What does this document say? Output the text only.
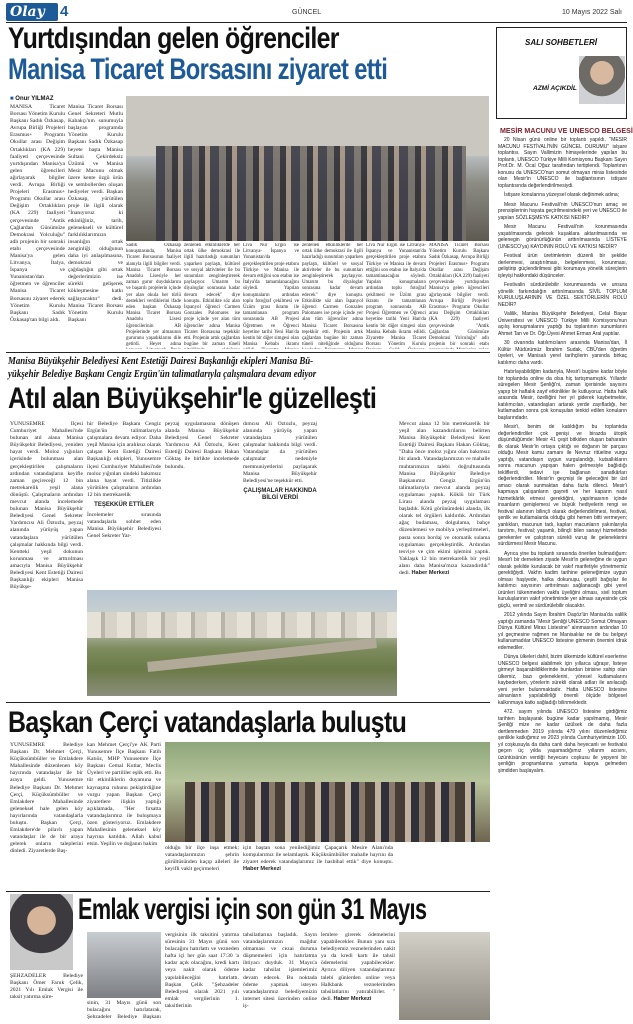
Olay 4	GÜNCEL	10 Mayıs 2022 Salı
Yurtdışından gelen öğrenciler
Manisa Ticaret Borsasını ziyaret etti
■ Onur YILMAZ
MANİSA Ticaret Borsası Yönetim Kurulu Başkanı Sadık Özkasap, Avrupa Birliği Projeleri Erasmus+ Programı Okullar arası Değişim Ortaklıkları (KA 229) faaliyeti çerçevesinde yurtdışından Manisa'ya gelen öğrencileri ağırlayarak bilgiler verdi. Avrupa Birliği Projeleri Erasmus+ Programı Okullar arası Değişim Ortaklıkları (KA 229) faaliyeti çerçevesinde "Antik Çağlardan Günümüze Demokrasi Yolculuğu" adlı projenin bir sonraki etabı çerçevesinde Manisa'ya gelen Litvanya, İtalya, İspanya ve Yunanistan'dan öğretmen ve öğrenciler Manisa Ticaret Borsasını ziyaret ederek Yönetim Kurulu Başkanı Sadık Özkasap'tan bilgi aldı.
Manisa Ticaret Borsası Genel Sekreteri Mutlu Kabakçı'nın sunumuyla başlayan programda Yönetim Kurulu Başkanı Sadık Özkasap heyete başta Manisa Sultani Çekirdeksiz Üzümü ve Manisa Mesir Macunu olmak üzere kente özgü ürün ve sembollerden oluşan hediyeler verdi. Başkan Özkasap, yürütülen proje ile ilgili olarak "İnanıyoruz ki etkinliğiniz, tarih, gelenekseli ve kültürel farklılıklarımızın insanlığın ortak zenginliği olduğunun daha iyi anlaşılmasına, demokrasi ve çağdaşlığın gibi ortak değerlerimizin ise sürekli gelişerek kökleşmesine katkı sağlayacaktır" dedi. Manisa Ticaret Borsası Yönetim Kurulu Başkanı
Sadık Özkasap konuşmasında, Manisa Ticaret Borsasının faaliyet alanıyla ilgili bilgiler verdi. Manisa Ticaret Borsası Anadolu Lisesiyle her zaman gurur duyduklarını ve başarılı projelerin içinde yer alan okula her türlü destekleri verdiklerini ifade eden başkan Özkasap Manisa Ticaret Borsası Anadolu Lisesi öğrencilerinin AB Projelerinde yer almasının gururunu yaşadıklarını dile getirdi. Heyet adına
zenlenen etkinliklerde her ortak ülke demokrasi ile ilgili hazırladığı sunumları yaparken paylaştı, kültürel ve sosyal aktiviteler ile bu sunumları zenginleştirerek paylaşıyor. Umarım bu diyaloglar sonrasına kadar devam edecek" diye konuştu. Etkinlikte söz alan İspanyol öğrenci Carmen Gonzales Palomares ise proje içinde yer alan tüm öğrenciler adına Manisa Ticaret Borsasına teşekkür etti. Projenin artık çağlardan bugüne bir zaman tüneli
Liva Nur Ergin ise Litvanya- İspanya ve Yunanistan'da gerçekleştirilen proje etabını Türkiye ve Manisa ile devam ettiğini son etabın ise İtalya'da tamamlanacağını söyledi. Yapılan konuşmaların ardından toplu fotoğraf çekilmesi ve Üzüm grası ikramı ile tamamlanan program sonrasında AB Projesi Öğretmen ve Öğrenci heyetine tarihi Yeni Han'da kentin bir diğer simgesi olan Manisa Kebabı ikramı
zenlenen etkinliklerde her ortak ülke demokrasi ile ilgili hazırladığı sunumları yaparken paylaştı, kültürel ve sosyal aktiviteler ile bu sunumları zenginleştirerek paylaşıyor. Umarım bu diyaloglar sonrasına kadar devam edecek" diye konuştu. Etkinlikte söz alan İspanyol öğrenci Carmen Gonzales Palomares ise proje içinde yer alan tüm öğrenciler adına Manisa Ticaret Borsasına teşekkür etti. Projenin artık çağlardan bugüne bir zaman tüneli niteliğinde olduğunu
Liva Nur Ergin ise Litvanya- İspanya ve Yunanistan'da gerçekleştirilen proje etabını Türkiye ve Manisa ile devam ettiğini son etabın ise İtalya'da tamamlanacağını söyledi. Yapılan konuşmaların ardından toplu fotoğraf çekilmesi ve Üzüm grası ikramı ile tamamlanan program sonrasında AB Projesi Öğretmen ve Öğrenci heyetine tarihi Yeni Han'da kentin bir diğer simgesi olan Manisa Kebabı ikramı edildi. Ziyarette Manisa Ticaret Borsası Yönetim Kurulu
MANİSA Ticaret Borsası Yönetim Kurulu Başkanı Sadık Özkasap, Avrupa Birliği Projeleri Erasmus+ Programı Okullar arası Değişim Ortaklıkları (KA 229) faaliyeti çerçevesinde yurtdışından Manisa'ya gelen öğrencileri ağırlayarak bilgiler verdi. Avrupa Birliği Projeleri Erasmus+ Programı Okullar arası Değişim Ortaklıkları (KA 229) faaliyeti çerçevesinde "Antik Çağlardan Günümüze Demokrasi Yolculuğu" adlı projenin bir sonraki etabı
SALI SOHBETLERİ
AZMİ AÇIKDİL
MESİR MACUNU VE UNESCO BELGESİ

20 Nisan günü online bir toplantı yapıldı. "MESİR MACUNU FESTİVALİ'NİN GÜNCEL DURUMU" islşare toplantısı. Sayın Vallimizin himayelerinde yapılan bu toplantı, UNESCO Türkiye Milli Komisyonu Başkanı Sayın Prof.Dr. M. Öcal Oğuz tarafından tertiplendi. Toplantının konusu da UNESCO'nun somut olmayan miras listesinde olan Mesir'in UNESCO ile bağlantısının istişare toplantısında değerlendirilmesiydi.

İstişare konularına yüzeysel olarak değinmek adına;

Mesir Macunu Festivali'nin UNESCO'nun amaç ve prensiplerinin hayata geçirilmesindeki yeri ve UNESCO ile yapılan SÖZLEŞMEYE KATKISI NEDİR?

Mesir Macunu Festivali'nin korunmasında yaşatılmasında gelecek kuşaklara aktarılmasında ve gelenegin görünürlüğünün arttırılmasında LİSTEYE (UNESCO'ya) KAYDININ ROLÜ VE KATKISI NEDİR?

Festival ürün üretimlerinin düzenli bir şekilde derlenmesi, araştırılması, belgelenmesi, korunması, geliştirip güçlendirilmesi gibi korumaya yönelik süreçlerin işleyişi hakkındaki düşünceler.

Festivalin sürdürülebilir korunmasında ve unsura yönelik farkındalığın arttırılmasında SİVİL TOPLUM KURULUŞLARININ VE ÖZEL SEKTÖRLERİN ROLÜ NEDİR?

Valilik, Manisa Büyükşehir Belediyesi, Celal Bayar Üniversitesi ve UNESCO Türkiye Milli Komisyonu'nun açılış konuşmalarını yaptığı bu toplantının sunumlarını Ahmet Tan ve Dr. Öğr.Üyesi Ahmet Erman Aral yaptılar.

30 civarında katılımcıların arasında Manisa'dan, İl Kültür Müdürümüz İbrahim Sudak, CBÜ'den öğretim üyeleri, ve Manisalı yerel tarihçilerin yanında birkaç katılımcı daha vardı.

Hatırlayabildiğim kadarıyla, Mesir'i bugüne kadar böyle bir toplantıda online da olsa hiç tartışmamıştık. Yıllardır süregelen Mesir Şenliği'ni, zaman içerisinde sayısını yapıp bir haftalık zayıf etkinlikler ile kutluyoruz. Hatta halk arasında Mesir, özelliğini her yıl giderek kaybetmekte, katılımcıları, vatandaşları artarak yerde zayıfladığı, her kutlamadan sonra çok konuşulan tenkid edilen konuların başlarındadır.

Mesir'i, benim de katıldığım bu toplantıda değerlendirdiler çok genişi ve birazda ütopik düşündüğümde: Mesir 41 çeşit bitkiden oluşan baharatın ilk olarak Mesir'in ortaya çıktığı ve doğanın bir parçası olduğu Mesir kamu zamanı ile Nevruz ritüeline vurgu yaptığı, vatandaşın uygun vurgulandığı, kutsallıkların sonra macunun yapışan halen gelmesiyle bağlıdığı tekliflerdi, tedavi işe bağlanan sanatkârları değerlendirdiler. Mesir'in geçmişi ile geleceğini bir üst amacı olarak sunmaktan daha fazla dilenci. Mesir'i kapmaya çalışanların gayreti ve her kaparın nasıl hizmetkârlık etmesi gerektiğini, yapılmasının içinde insanların genişlemesi ve büyük hediyelerin rengi ve festival alanının bilinçli olarak değerlendirilmesi, festival, şenlik ve kutlamalarda olduğu gibi hemen bitti vermeyen; yanlıkları, macunun tadı, kapları macunların yakınlarıyla tanıtımı, festival; yaşamlı, bilinçli bilen sanayi hizmetinde gerekenler ve çalıştıran sürekli vuruş ile geleneklerini sürdürmesi Mesir Macunu.

Ayrıca yine bu toplantı sırasında önerilen bulmadığum: Mesir'i bir dernekten ziyade Mesir'in geleneğine de uygun olarak şekilde kurulacak bir vakıf marifetiyle yönetmemiz gerektiğiydi. Vakfın kadim tarihine geleneğimize uygun olması haşiyede, halka dokunuşu, çeşitli bağışlar ile katılımcı sayısının arttırılması sağlanacağı gibi yerel ürünleri tükenmeden vakfa üyeliğini olması, sivil toplum kuruluşlarının vakıf yönetiminde yer alması sayesinde çok güçlü, verimli ve sürdürülebilir olacaktır.

2012 yılında Sayın İbrahim Daşöz'ün Manisa'da valilik yaptığı zamanda "Mesir Şenliği UNESCO Somut Olmayan Dünya Kültürel Miras Listesine" alınmasının ardından 10 yıl geçmesine rağmen ne Manisalılar ne de bu belgeyi kullanamadılar UNESCO listesine girmenin önemini idrak edemediler.

Dünya ülkeleri dahil, bizim ülkemizde kültürel eserlerine UNESCO belgesi alabilmek için yıllarca uğraşır, listeye girmeyi başarabildiklerinde bunlardan birisine sahip olan ülkemiz, bazı geleneklerini, yöresel kutlamalarını kaybederken, yörelerin sürekli olarak adları ile anılacağı yeni yerler bulunmaktadır. Hatta UNESCO listesine alınanların yapılabilirliği önemli ölçüde bölgesel kalkınmaya katkı sağladığı bilinmektedir.

472. sayım yılında UNESCO listesine girdiğimiz tarihten başlayarak bugüne kadar yapılmamış, Mesir Şenliği mize ne kadar üzülsek de daha fazla dertlenmeden 2019 yılında 479 yılını düzenlediğimiz şenlikle katkığımız ve 2023 yılında Cumhuriyetimizin 100. yıl coşkusuyla da daha canlı daha heyecanlı ve festivalsi geçen üç yılda yaşamadığımız yıllarım acısını, üzüntüsünün verdiği heyecanı coşkusu ile yepyeni bir şenliğin programlarına yumurta kapıya gelmeden şimdiden başlayalım.

Manisa Büyükşehir Belediyesi Kent Estetiği Dairesi Başkanlığı ekipleri Manisa Bü-
yükşehir Belediye Başkanı Cengiz Ergün'ün talimatlarıyla çalışmalara devam ediyor
Atıl alan Büyükşehir'le güzelleşti
YUNUSEMRE İlçesi Cumhuriyet Mahallesi'nde bulunan atıl alana Manisa Büyükşehir Belediyesi, yeniden hayat verdi. Moloz yığınları içerisinde bulunması alan gerçekleştirilen çalışmaların ardından vatandaşların keyifle zaman geçireceği 12 bin metrekarelik yeşil alana dönüştü. Çalışmaların ardından mevcut alanda incelemede bulunan Manisa Büyükşehir Belediyesi Genel Sekreter Yardımcısı Ali Öztozlu, peyzaj alanında yürüyüş yapan vatandaşlara yürütülen çalışmalar hakkında bilgi verdi. Kentteki yeşil dokunun korunması ve arttırılması amacıyla Manisa Büyükşehir Belediyesi Kent Estetiği Dairesi Başkanlığı ekipleri Manisa Büyükşe-
hir Belediye Başkanı Cengiz Ergün'ün talimatlarıyla çalışmalara devam ediyor. Daha yeşil Manisa için aralıksız olarak çalışan Kent Estetiği Dairesi Başkanlığı ekipleri, Yunusemre ilçesi Cumhuriyet Mahallesi'nde moloz yığınları sindeki bakımsız alana hayat verdi. Titizlikle yürütülen çalışmaların ardından 12 bin metrekarelik
TEŞEKKÜR ETTİLER
İncelemeler sırasında vatandaşlarla sohbet eden Manisa Büyükşehir Belediyesi Genel Sekreter Yar-
peyzaj uygulamasına dönüşen alanda Manisa Büyükşehir Belediyesi Genel Sekreter Yardımcısı Ali Öztozlu, Kent Estetiği Dairesi Başkanı Hakan Göktaş ile birlikte incelemede bulundu.
dımcısı Ali Öztozlu, peyzaj alanında yürüyüş yapan vatandaşlara yürütülen çalışmalar hakkında bilgi verdi. Vatandaşlar da yürütülen çalışmalar nedeniyle memnuniyetlerini paylaşarak Manisa Büyükşehir Belediyesi'ne teşekkür etti.
ÇALIŞMALAR HAKKINDA BİLGİ VERDİ
Mevcut alana 12 bin metrekarelik bir yeşil alan kazandırılarını belirten Manisa Büyükşehir Belediyesi Kent Estetiği Dairesi Başkanı Hakan Göktaş, "Daha önce moloz yığını olan bakımsız bir alandı. Vatandaşlarımızın ve mahalle muhtarımızın talebi doğrultusunda Manisa Büyükşehir Belediye Başkanımız Cengiz Ergün'ün talimatlarıyla mevcut alanda peyzaj uygulaması yaptık. Köklü bir Türk Lirası alanda peyzaj uygulaması başladık. Kötü görünümdeki alanda, ilk olarak tel örgüleri kaldırdık. Ardından ağaç budaması, dolgulama, bahçe düzenlemesi ve mobilya yerleştirmeleri, pasta sonra bordaj ve otomatik sulama uygulaması gerçekleştirdik. Ardından tesviye ve çim ekimi işlemini yaptık. Yaklaşık 12 bin metrekarelik bir yeşil alanı daha Manisa'mıza kazandırdık" dedi. Haber Merkezi
Başkan Çerçi vatandaşlarla buluştu
YUNUSEMRE Belediye Başkanı Dr. Mehmet Çerçi, Küçüksümbüller ve Emlakdere Mahallesinde düzenlenen köy hayırında vatandaşlar ile bir araya geldi. Yunusemre Belediye Başkanı Dr. Mehmet Çerçi, Küçüksümbüller ve Emlakdere Mahallesinde geleneksel hale gelen köy hayırlarında vatandaşlarla buluştu. Başkan Çerçi, Emlakdere'de pilavlı yapan vatandaşlar ile de bir araya gelerek onların taleplerini dinledi. Ziyaretlerde Baş-
kan Mehmet Çerçi'ye AK Parti Yunusemre İlçe Başkanı Fatih Katıöz, MHP Yunusemre İlçe Başkanı Cemal Kutlar, Meclis Üyeleri ve partililer eşlik etti. Bu tür etkinliklerin duyamına ve kaynaşma ruhunu pekiştirdiğine vurgu yapan Başkan Çerçi ziyaretlere ilişkin yaptığı açıklamada, "Her fırsatta vatandaşlarımız ile buluşmaya özen gösteriyoruz. Emlakdere Mahallesinin geleneksel köy hayrına katıldık. Allah kabul etsin. Yeşilin ve doğanın hakim
olduğu bir ilçe inşa etmek; vatandaşlarımızın şehrin gürültüsünden kaçıp aileleri ile keyifli vakit geçirmeleri
için baştan sona yenilediğimiz Çapaçarık Mesire Alanı'nda komşularımız ile selamlaştık. Küçüksümbüller mahalle hayrını da ziyaret ederek vatandaşlarımız ile hasbihal ettik" diye konuştu. Haber Merkezi
Emlak vergisi için son gün 31 Mayıs
ŞEHZADELER Belediye Başkanı Ömer Faruk Çelik, 2021 Yılı Emlak Vergisi ile taksit yatırma süre-
sinin, 31 Mayıs günü son bulacağını hatırlatarak, Şehzadeler Belediye Başkanı
vergisinin ilk taksitini yatırma süresinin 31 Mayıs günü son bulacağını hatırlattı ve vezneden hafta içi her gün saat 17:30 'a kadar açık olacağını, kredi kartı veya nakit olarak ödeme yapılabileceğini hatırlattı. Başkan Çelik "Şehzadeler Belediyesi olarak 2021 yılı emlak vergilerinin 1. taksitlerinin
tahsilatlarına başladık. Sayın vatandaşlarımızın mağdur olmaması ve cezai duruma düşmemeleri için hatırlatma ihtiyacı duyduk. 31 Mayıs'a kadar tahsilat işlemlerimiz devam edecek. Bu noktada ödeme yapmak isteyen vatandaşlarımız belediyemizin internet sitesi üzerinden online iş-
lemlere girerek ödemelerini yapabilecekler. Bunun yanı sıra belediyemiz veznelerinden nakit ya da kredi kartı ile tahsil ödemelerini yapabilecekler. Ayrıca diliyen vatandaşlarımız talebi günlerden online veya Halkbank veznelerinden tahsilatlarını yatırabilirler. " dedi. Haber Merkezi
